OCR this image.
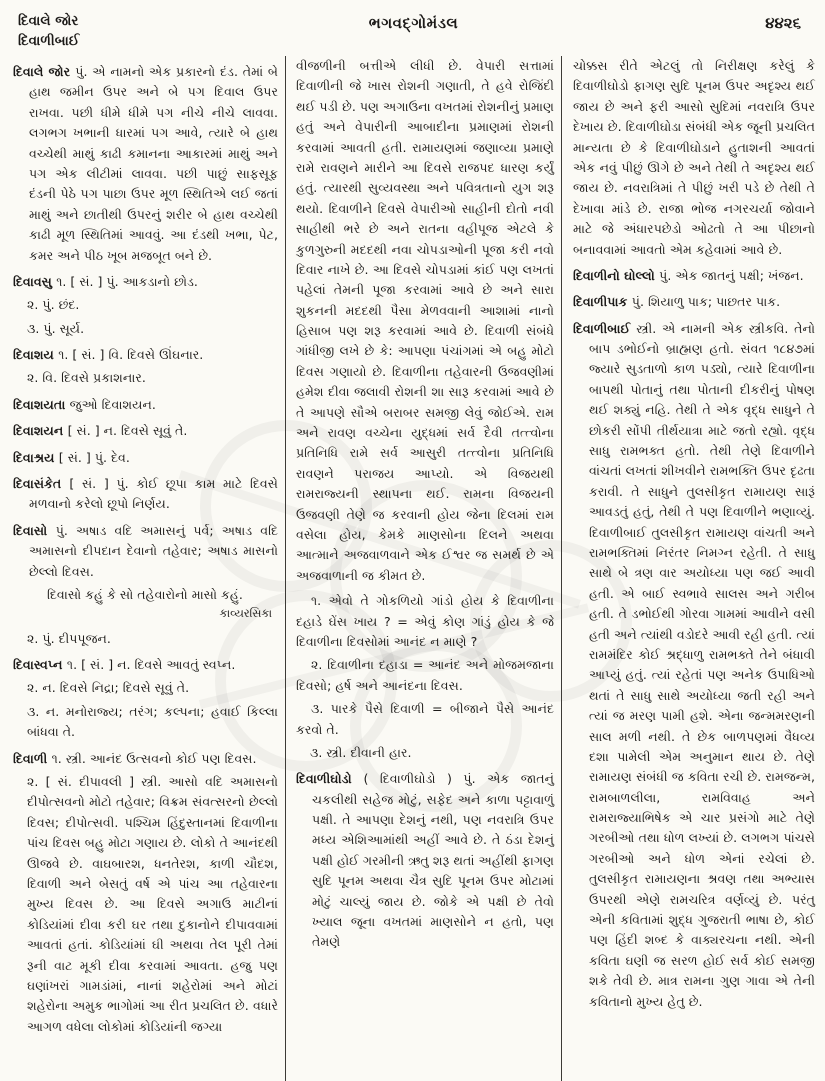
દિવાલે જોર
દિવાળીબાઈ
ભગવદ્ગોમંડલ	૪૪૨૬

દિવાલે જોર પું. એ નામનો એક પ્રકારનો દંડ. તેમાં બે હાથ જમીન ઉપર અને બે પગ દિવાલ ઉપર રાખવા. પછી ધીમે ધીમે પગ નીચે નીચે લાવવા. લગભગ ખભાની ધારમાં પગ આવે, ત્યારે બે હાથ વચ્ચેથી માથું કાઢી કમાનના આકારમાં માથું અને પગ એક લીટીમાં લાવવા. પછી પાછું સાફસૂફ દંડની પેઠે પગ પાછા ઉપર મૂળ સ્થિતિએ લઈ જતાં માથું અને છાતીથી ઉપરનું શરીર બે હાથ વચ્ચેથી કાઢી મૂળ સ્થિતિમાં આવવું. આ દંડથી ખભા, પેટ, કમર અને પીઠ ખૂબ મજબૂત બને છે.

દિવાવસુ ૧. [ સં. ] પું. આકડાનો છોડ.

૨. પું. છંદ.

૩. પું. સૂર્ય.

દિવાશય ૧. [ સં. ] વિ. દિવસે ઊંઘનાર.

૨. વિ. દિવસે પ્રકાશનાર.

દિવાશયતા જુઓ દિવાશયન.

દિવાશયન [ સં. ] ન. દિવસે સૂવું તે.

દિવાશ્રય [ સં. ] પું. દેવ.

દિવાસંકેત [ સં. ] પું. કોઈ છૂપા કામ માટે દિવસે મળવાનો કરેલો છૂપો નિર્ણય.

દિવાસો પું. અષાડ વદિ અમાસનું પર્વ; અષાડ વદિ અમાસનો દીપદાન દેવાનો તહેવાર; અષાડ માસનો છેલ્લો દિવસ.

દિવાસો કહું કે સો તહેવારોનો માસો કહું.

કાવ્યરસિકા

૨. પું. દીપપૂજન.

દિવાસ્વપ્ન ૧. [ સં. ] ન. દિવસે આવતું સ્વપ્ન.

૨. ન. દિવસે નિદ્રા; દિવસે સૂવું તે.

૩. ન. મનોરાજ્ય; તરંગ; કલ્પના; હવાઈ કિલ્લા બાંધવા તે.

દિવાળી ૧. સ્ત્રી. આનંદ ઉત્સવનો કોઈ પણ દિવસ.

૨. [ સં. દીપાવલી ] સ્ત્રી. આસો વદિ અમાસનો દીપોત્સવનો મોટો તહેવાર; વિક્રમ સંવત્સરનો છેલ્લો દિવસ; દીપોત્સવી. પશ્ચિમ હિંદુસ્તાનમાં દિવાળીના પાંચ દિવસ બહુ મોટા ગણાય છે. લોકો તે આનંદથી ઊજવે છે. વાઘબારશ, ધનતેરશ, કાળી ચૌદશ, દિવાળી અને બેસતું વર્ષ એ પાંચ આ તહેવારના મુખ્ય દિવસ છે. આ દિવસે અગાઉ માટીનાં કોડિયાંમાં દીવા કરી ઘર તથા દુકાનોને દીપાવવામાં આવતાં હતાં. કોડિયાંમાં ઘી અથવા તેલ પૂરી તેમાં રૂની વાટ મૂકી દીવા કરવામાં આવતા. હજુ પણ ઘણાંખરાં ગામડાંમાં, નાનાં શહેરોમાં અને મોટાં શહેરોના અમુક ભાગોમાં આ રીત પ્રચલિત છે. વધારે આગળ વધેલા લોકોમાં કોડિયાંની જગ્યા

વીજળીની બત્તીએ લીધી છે. વેપારી સત્તામાં દિવાળીની જે ખાસ રોશની ગણાતી, તે હવે રોજિંદી થઈ પડી છે. પણ અગાઉના વખતમાં રોશનીનું પ્રમાણ હતું અને વેપારીની આબાદીના પ્રમાણમાં રોશની કરવામાં આવતી હતી. રામાયણમાં જણાવ્યા પ્રમાણે રામે રાવણને મારીને આ દિવસે રાજપદ ધારણ કર્યું હતું. ત્યારથી સુવ્યવસ્થા અને પવિત્રતાનો યુગ શરૂ થયો. દિવાળીને દિવસે વેપારીઓ સાહીની દોતો નવી સાહીથી ભરે છે અને રાતના વહીપૂજ એટલે કે કુળગુરુની મદદથી નવા ચોપડાઓની પૂજા કરી નવો દિવાર નાખે છે. આ દિવસે ચોપડામાં કાંઈ પણ લખતાં પહેલાં તેમની પૂજા કરવામાં આવે છે અને સારા શુકનની મદદથી પૈસા મેળવવાની આશામાં નાનો હિસાબ પણ શરૂ કરવામાં આવે છે. દિવાળી સંબંધે ગાંધીજી લખે છે કે: આપણા પંચાંગમાં એ બહુ મોટો દિવસ ગણાયો છે. દિવાળીના તહેવારની ઉજવણીમાં હમેશ દીવા જલાવી રોશની શા સારૂ કરવામાં આવે છે તે આપણે સૌએ બરાબર સમજી લેવું જોઈએ. રામ અને રાવણ વચ્ચેના યુદ્ધમાં સર્વ દૈવી તત્ત્વોના પ્રતિનિધિ રામે સર્વ આસુરી તત્ત્વોના પ્રતિનિધિ રાવણને પરાજય આપ્યો. એ વિજયથી રામરાજ્યની સ્થાપના થઈ. રામના વિજયની ઉજવણી તેણે જ કરવાની હોય જેના દિલમાં રામ વસેલા હોય, કેમકે માણસોના દિલને અથવા આત્માને અજવાળવાને એક ઈશ્વર જ સમર્થ છે એ અજવાળાની જ કીમત છે.

૧. એવો તે ગોકળિયો ગાંડો હોય કે દિવાળીના દહાડે ઘેંસ ખાય ? = એવું કોણ ગાંડું હોય કે જે દિવાળીના દિવસોમાં આનંદ ન માણે ?

૨. દિવાળીના દહાડા = આનંદ અને મોજમજાના દિવસો; હર્ષ અને આનંદના દિવસ.

૩. પારકે પૈસે દિવાળી = બીજાને પૈસે આનંદ કરવો તે.

૩. સ્ત્રી. દીવાની હાર.

દિવાળીઘોડો ( દિવાળીઘોડો ) પું. એક જાતનું ચકલીથી સહેજ મોટું, સફેદ અને કાળા પટ્ટાવાળું પક્ષી. તે આપણા દેશનું નથી, પણ નવરાત્રિ ઉપર મધ્ય એશિઆમાંથી અહીં આવે છે. તે ઠંડા દેશનું પક્ષી હોઈ ગરમીની ઋતુ શરૂ થતાં અહીંથી ફાગણ સુદિ પૂનમ અથવા ચૈત્ર સુદિ પૂનમ ઉપર મોટામાં મોટું ચાલ્યું જાય છે. જોકે એ પક્ષી છે તેવો ખ્યાલ જૂના વખતમાં માણસોને ન હતો, પણ તેમણે

ચોક્કસ રીતે એટલું તો નિરીક્ષણ કરેલું કે દિવાળીઘોડો ફાગણ સુદિ પૂનમ ઉપર અદૃશ્ય થઈ જાય છે અને ફરી આસો સુદિમાં નવરાત્રિ ઉપર દેખાય છે. દિવાળીઘોડા સંબંધી એક જૂની પ્રચલિત માન્યતા છે કે દિવાળીઘોડાને હુતાશની આવતાં એક નવું પીછું ઊગે છે અને તેથી તે અદૃશ્ય થઈ જાય છે. નવરાત્રિમાં તે પીછું ખરી પડે છે તેથી તે દેખાવા માંડે છે. રાજા ભોજ નગરચર્યા જોવાને માટે જે અંધારપછેડો ઓઢતો તે આ પીછાનો બનાવવામાં આવતો એમ કહેવામાં આવે છે.

દિવાળીનો ઘોલ્લો પું. એક જાતનું પક્ષી; ખંજન.

દિવાળીપાક પું. શિયાળુ પાક; પાછતર પાક.

દિવાળીબાઈ સ્ત્રી. એ નામની એક સ્ત્રીકવિ. તેનો બાપ ડભોઈનો બ્રાહ્મણ હતો. સંવત ૧૮૪૭માં જ્યારે સુડતાળો કાળ પડ્યો, ત્યારે દિવાળીના બાપથી પોતાનું તથા પોતાની દીકરીનું પોષણ થઈ શક્યું નહિ. તેથી તે એક વૃદ્ધ સાધુને તે છોકરી સોંપી તીર્થયાત્રા માટે જતો રહ્યો. વૃદ્ધ સાધુ રામભક્ત હતો. તેથી તેણે દિવાળીને વાંચતાં લખતાં શીખવીને રામભક્તિ ઉપર દૃઢતા કરાવી. તે સાધુને તુલસીકૃત રામાયણ સારૂં આવડતું હતું, તેથી તે પણ દિવાળીને ભણાવ્યું. દિવાળીબાઈ તુલસીકૃત રામાયણ વાંચતી અને રામભક્તિમાં નિરંતર નિમગ્ન રહેતી. તે સાધુ સાથે બે ત્રણ વાર અયોધ્યા પણ જઈ આવી હતી. એ બાઈ સ્વભાવે સાલસ અને ગરીબ હતી. તે ડભોઈથી ગોરવા ગામમાં આવીને વસી હતી અને ત્યાંથી વડોદરે આવી રહી હતી. ત્યાં રામમંદિર કોઈ શ્રદ્ધાળુ રામભક્તે તેને બંધાવી આપ્યું હતું. ત્યાં રહેતાં પણ અનેક ઉપાધિઓ થતાં તે સાધુ સાથે અયોધ્યા જતી રહી અને ત્યાં જ મરણ પામી હશે. એના જન્મમરણની સાલ મળી નથી. તે છેક બાળપણમાં વૈધવ્ય દશા પામેલી એમ અનુમાન થાય છે. તેણે રામાયણ સંબંધી જ કવિતા રચી છે. રામજન્મ, રામબાળલીલા, રામવિવાહ અને રામરાજ્યાભિષેક એ ચાર પ્રસંગો માટે તેણે ગરબીઓ તથા ધોળ લખ્યાં છે. લગભગ પાંચસે ગરબીઓ અને ધોળ એનાં રચેલાં છે. તુલસીકૃત રામાયણના શ્રવણ તથા અભ્યાસ ઉપરથી એણે રામચરિત્ર વર્ણવ્યું છે. પરંતુ એની કવિતામાં શુદ્ધ ગુજરાતી ભાષા છે, કોઈ પણ હિંદી શબ્દ કે વાક્યરચના નથી. એની કવિતા ઘણી જ સરળ હોઈ સર્વ કોઈ સમજી શકે તેવી છે. માત્ર રામના ગુણ ગાવા એ તેની કવિતાનો મુખ્ય હેતુ છે.
